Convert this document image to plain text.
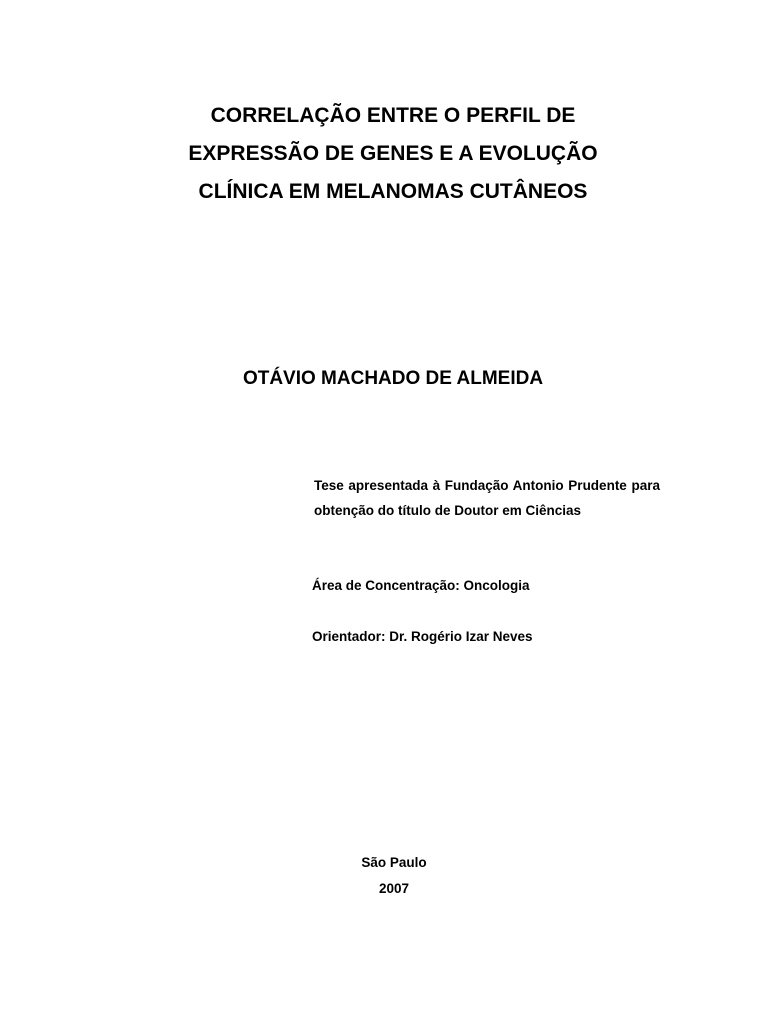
CORRELAÇÃO ENTRE O PERFIL DE
EXPRESSÃO DE GENES E A EVOLUÇÃO
CLÍNICA EM MELANOMAS CUTÂNEOS

OTÁVIO MACHADO DE ALMEIDA

Tese apresentada à Fundação Antonio Prudente para obtenção do título de Doutor em Ciências

Área de Concentração: Oncologia

Orientador: Dr. Rogério Izar Neves

São Paulo

2007
